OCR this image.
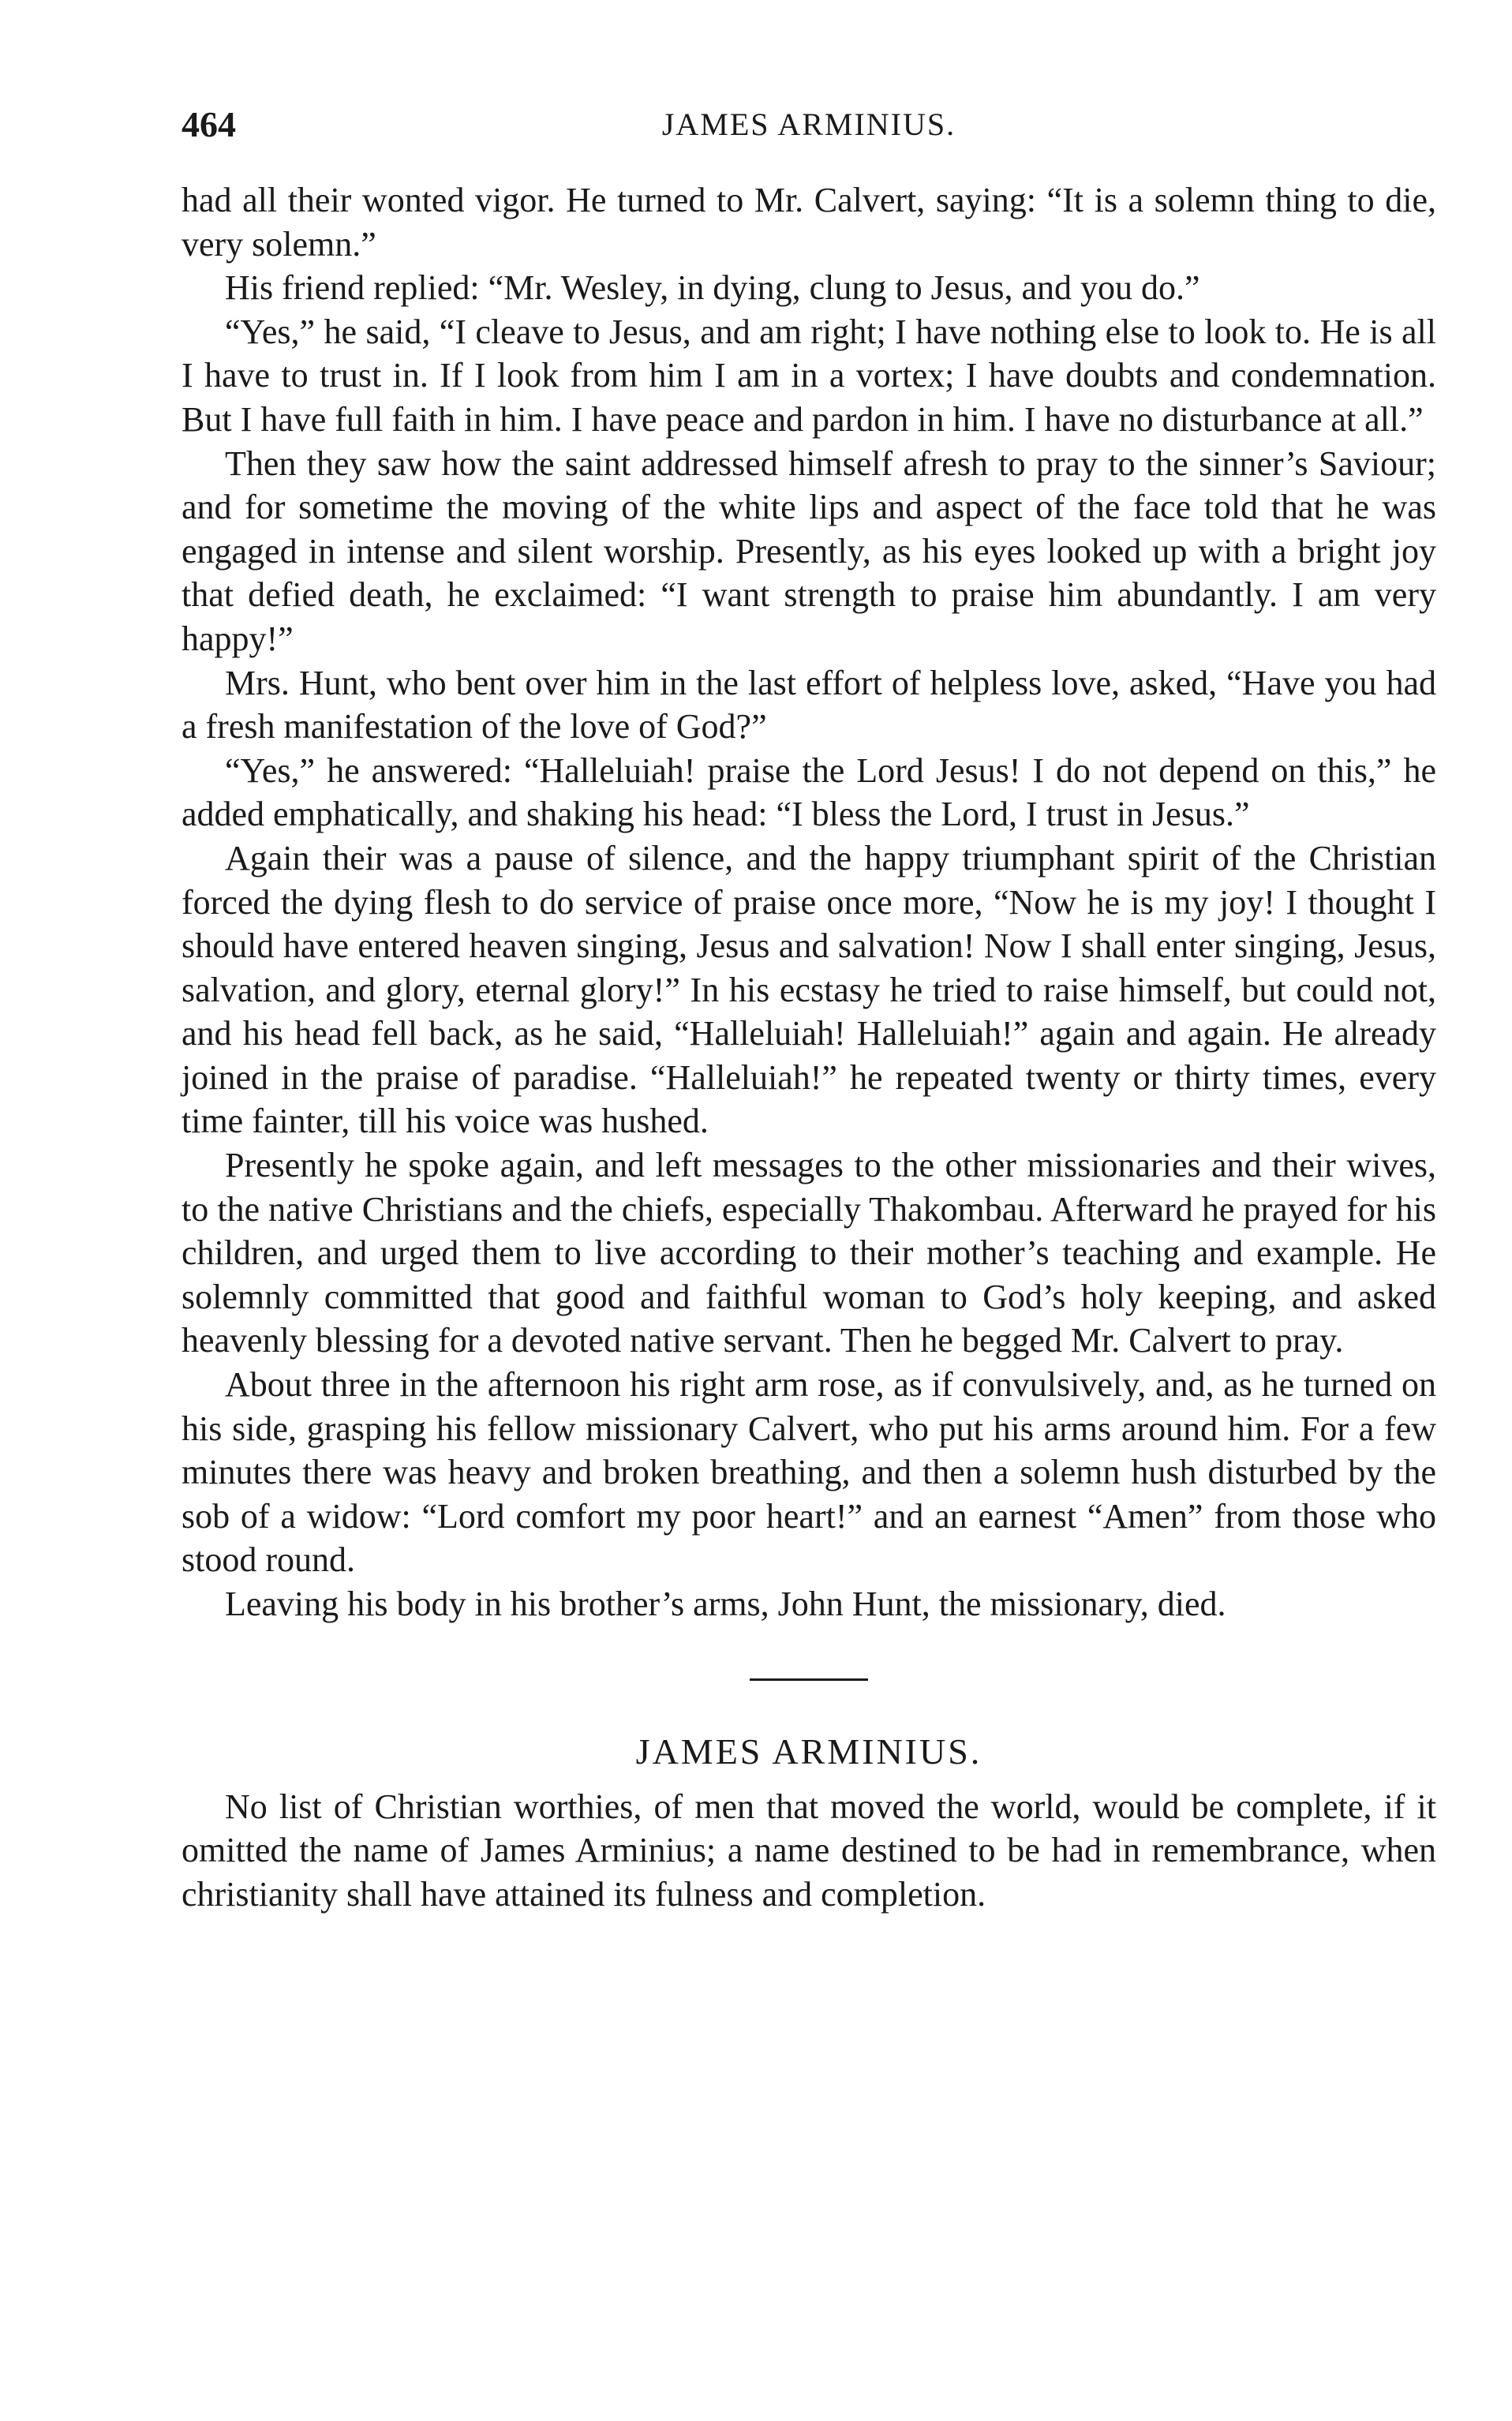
464	JAMES ARMINIUS.

had all their wonted vigor. He turned to Mr. Calvert, saying: “It is a solemn thing to die, very solemn.”

His friend replied: “Mr. Wesley, in dying, clung to Jesus, and you do.”

“Yes,” he said, “I cleave to Jesus, and am right; I have nothing else to look to. He is all I have to trust in. If I look from him I am in a vortex; I have doubts and condemnation. But I have full faith in him. I have peace and pardon in him. I have no disturbance at all.”

Then they saw how the saint addressed himself afresh to pray to the sinner’s Saviour; and for sometime the moving of the white lips and aspect of the face told that he was engaged in intense and silent worship. Presently, as his eyes looked up with a bright joy that defied death, he exclaimed: “I want strength to praise him abundantly. I am very happy!”

Mrs. Hunt, who bent over him in the last effort of helpless love, asked, “Have you had a fresh manifestation of the love of God?”

“Yes,” he answered: “Halleluiah! praise the Lord Jesus! I do not depend on this,” he added emphatically, and shaking his head: “I bless the Lord, I trust in Jesus.”

Again their was a pause of silence, and the happy triumphant spirit of the Christian forced the dying flesh to do service of praise once more, “Now he is my joy! I thought I should have entered heaven singing, Jesus and salvation! Now I shall enter singing, Jesus, salvation, and glory, eternal glory!” In his ecstasy he tried to raise himself, but could not, and his head fell back, as he said, “Halleluiah! Halleluiah!” again and again. He already joined in the praise of paradise. “Halleluiah!” he repeated twenty or thirty times, every time fainter, till his voice was hushed.

Presently he spoke again, and left messages to the other missionaries and their wives, to the native Christians and the chiefs, especially Thakombau. Afterward he prayed for his children, and urged them to live according to their mother’s teaching and example. He solemnly committed that good and faithful woman to God’s holy keeping, and asked heavenly blessing for a devoted native servant. Then he begged Mr. Calvert to pray.

About three in the afternoon his right arm rose, as if convulsively, and, as he turned on his side, grasping his fellow missionary Calvert, who put his arms around him. For a few minutes there was heavy and broken breathing, and then a solemn hush disturbed by the sob of a widow: “Lord comfort my poor heart!” and an earnest “Amen” from those who stood round.

Leaving his body in his brother’s arms, John Hunt, the missionary, died.

JAMES ARMINIUS.

No list of Christian worthies, of men that moved the world, would be complete, if it omitted the name of James Arminius; a name destined to be had in remembrance, when christianity shall have attained its fulness and completion.
